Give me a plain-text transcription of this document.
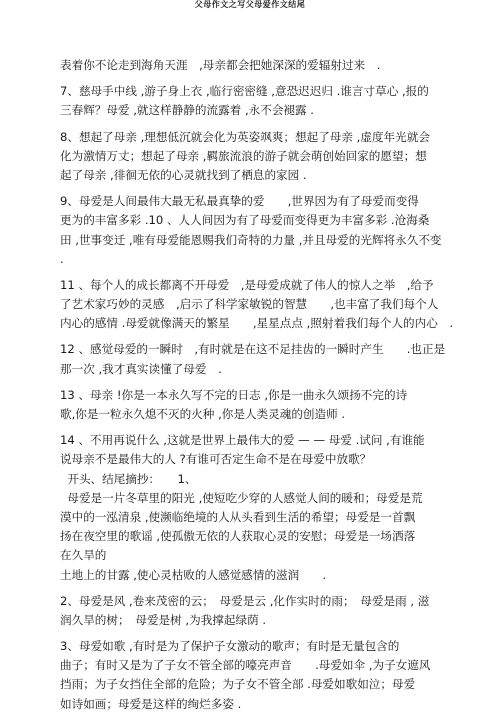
父母作文之写父母爱作文结尾
表着你不论走到海角天涯　,母亲都会把她深深的爱辐射过来　.
7、慈母手中线 ,游子身上衣 ,临行密密缝 ,意恐迟迟归 .谁言寸草心 ,报的
三春辉？母爱 ,就这样静静的流露着 ,永不会褪露 .
8、想起了母亲 ,理想低沉就会化为英姿飒爽；想起了母亲 ,虚度年光就会
化为激情万丈；想起了母亲 ,羁旅流浪的游子就会萌创始回家的愿望；想
起了母亲 ,徘徊无依的心灵就找到了栖息的家园 .
9、母爱是人间最伟大最无私最真挚的爱　　,世界因为有了母爱而变得
更为的丰富多彩 .10 、人人间因为有了母爱而变得更为丰富多彩 .沧海桑
田 ,世事变迁 ,唯有母爱能恩赐我们奇特的力量 ,并且母爱的光辉将永久不变
.
11 、每个人的成长都离不开母爱　,是母爱成就了伟人的惊人之举　,给予
了艺术家巧妙的灵感　,启示了科学家敏锐的智慧　　,也丰富了我们每个人
内心的感情 .母爱就像满天的繁星　　,星星点点 ,照射着我们每个人的内心　.
12 、感觉母爱的一瞬时　,有时就是在这不足挂齿的一瞬时产生　　.也正是
那一次 ,我才真实读懂了母爱　.
13 、母亲 !你是一本永久写不完的日志 ,你是一曲永久颂扬不完的诗
歌,你是一粒永久熄不灭的火种 ,你是人类灵魂的创造师 .
14 、不用再说什么 ,这就是世界上最伟大的爱 — — 母爱 .试问 ,有谁能
说母亲不是最伟大的人 ?有谁可否定生命不是在母爱中放歌？
开头、结尾摘抄：　　1、
母爱是一片冬草里的阳光 ,使短吃少穿的人感觉人间的暖和；母爱是荒
漠中的一泓清泉 ,使濒临绝境的人从头看到生活的希望；母爱是一首飘
扬在夜空里的歌谣 ,使孤傲无依的人获取心灵的安慰；母爱是一场洒落
在久旱的
土地上的甘露 ,使心灵枯败的人感觉感情的滋润　　.
2、母爱是风 ,卷来茂密的云；　母爱是云 ,化作实时的雨；　母爱是雨 , 滋
润久旱的树；　母爱是树 ,为我撑起绿荫 .
3、母爱如歌 ,有时是为了保护子女激动的歌声；有时是无量包含的
曲子；有时又是为了子女不管全部的嚎亮声音　　.母爱如伞 ,为子女遮风
挡雨；为子女挡住全部的危险；为子女不管全部 .母爱如歌如泣；母爱
如诗如画；母爱是这样的绚烂多姿 .
